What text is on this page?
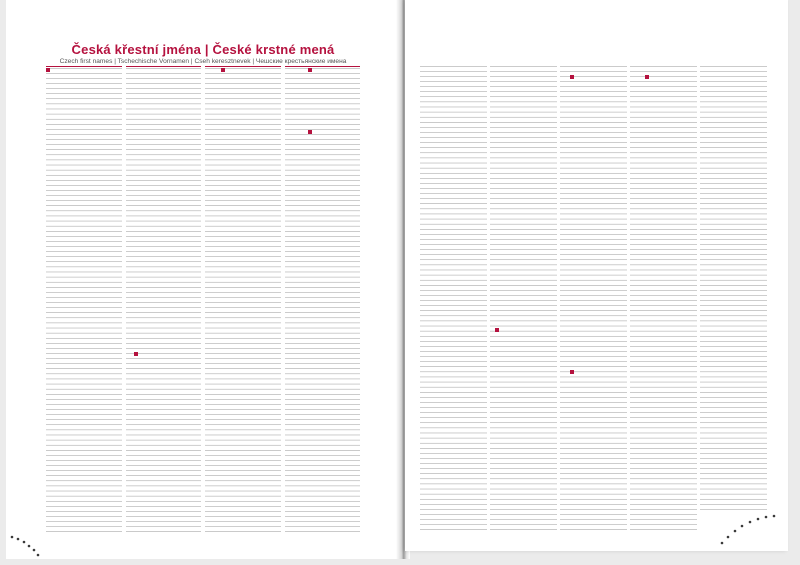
Česká křestní jména | České krstné mená
Czech first names | Tschechische Vornamen | Cseh keresztnevek | Чешские крестьянские имена
